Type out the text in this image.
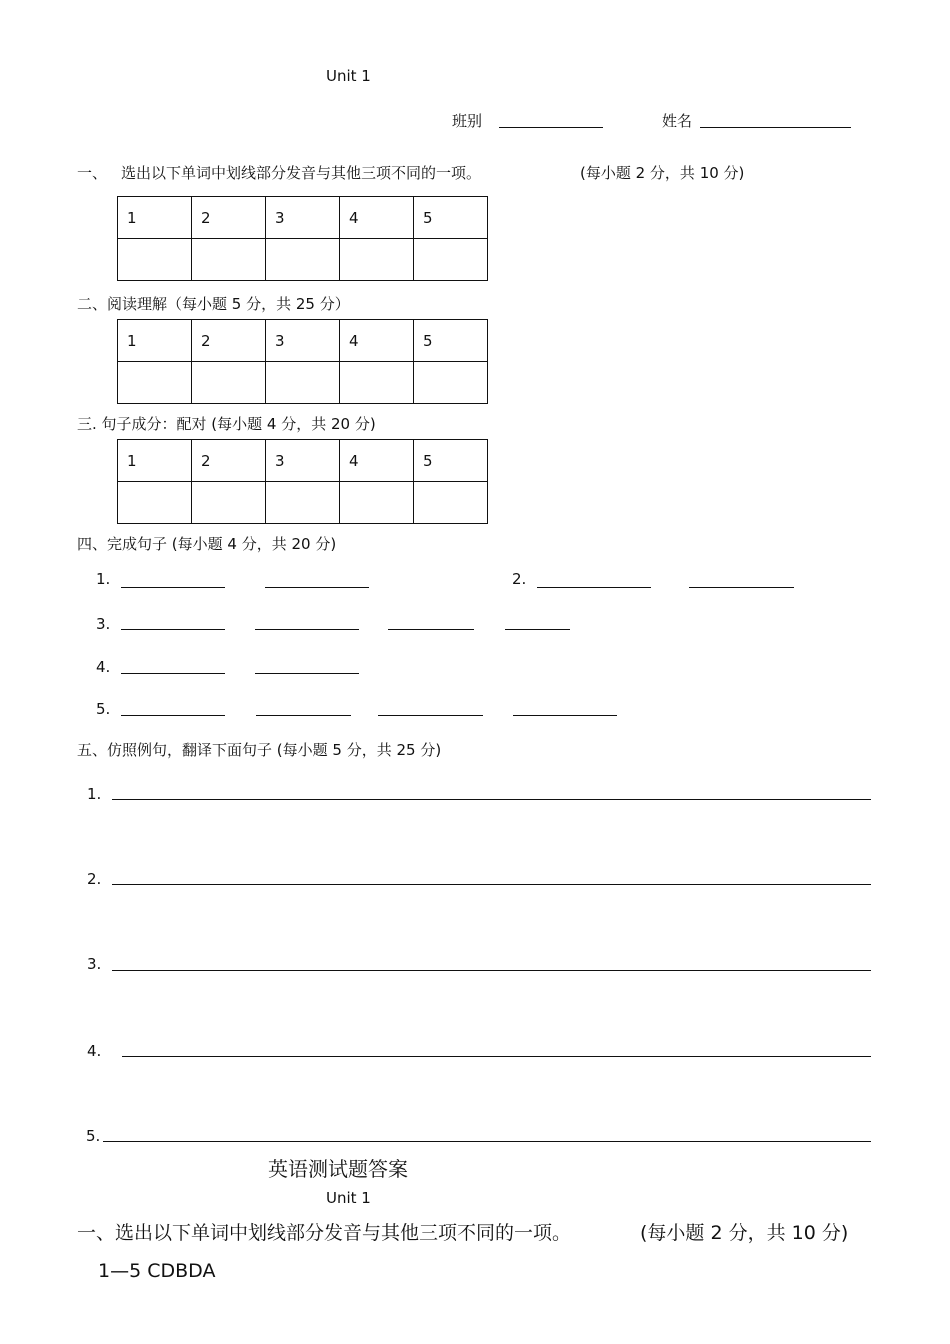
Unit 1
班别	姓名
一、 选出以下单词中划线部分发音与其他三项不同的一项。	(每小题 2 分，共 10 分)
1	2	3	4	5

二、阅读理解（每小题 5 分，共 25 分）
1	2	3	4	5

三. 句子成分：配对 (每小题 4 分，共 20 分)
1	2	3	4	5

四、完成句子 (每小题 4 分，共 20 分)
1.	2.
3.
4.
5.
五、仿照例句，翻译下面句子 (每小题 5 分，共 25 分)
1.
2.
3.
4.
5.
英语测试题答案
Unit 1
一、选出以下单词中划线部分发音与其他三项不同的一项。	(每小题 2 分，共 10 分)
1—5 CDBDA
